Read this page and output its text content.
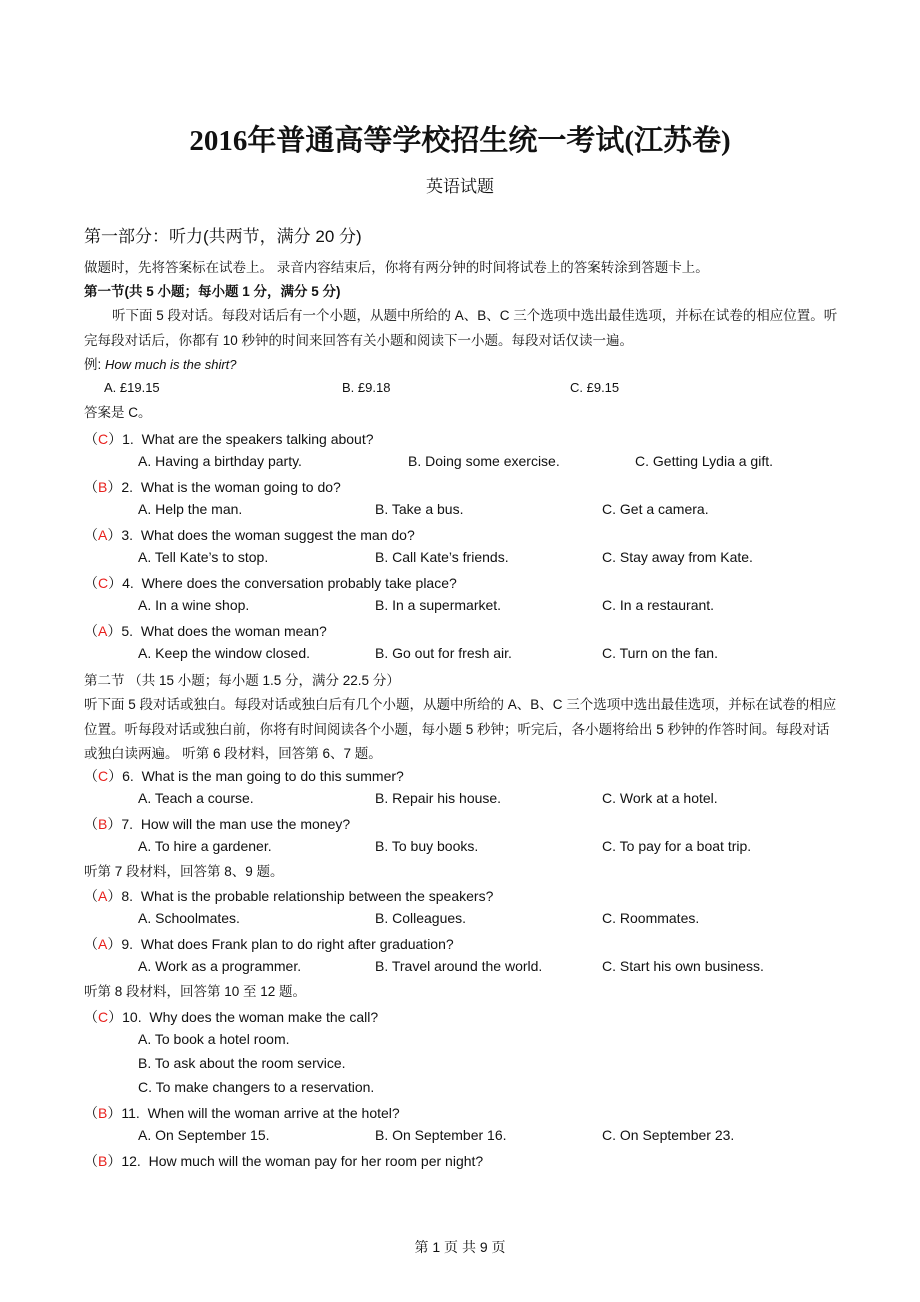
2016年普通高等学校招生统一考试(江苏卷)
英语试题
第一部分：听力(共两节，满分 20 分)
做题时，先将答案标在试卷上。 录音内容结束后，你将有两分钟的时间将试卷上的答案转涂到答题卡上。
第一节(共 5 小题；每小题 1 分，满分 5 分)
听下面 5 段对话。每段对话后有一个小题，从题中所给的 A、B、C 三个选项中选出最佳选项，并标在试卷的相应位置。听完每段对话后，你都有 10 秒钟的时间来回答有关小题和阅读下一小题。每段对话仅读一遍。
例: How much is the shirt?
A. £19.15	B. £9.18	C. £9.15
答案是 C。
（C）1. What are the speakers talking about?
A. Having a birthday party.	B. Doing some exercise.	C. Getting Lydia a gift.
（B）2. What is the woman going to do?
A. Help the man.	B. Take a bus.	C. Get a camera.
（A）3. What does the woman suggest the man do?
A. Tell Kate’s to stop.	B. Call Kate’s friends.	C. Stay away from Kate.
（C）4. Where does the conversation probably take place?
A. In a wine shop.	B. In a supermarket.	C. In a restaurant.
（A）5. What does the woman mean?
A. Keep the window closed.	B. Go out for fresh air.	C. Turn on the fan.
第二节 （共 15 小题；每小题 1.5 分，满分 22.5 分）
听下面 5 段对话或独白。每段对话或独白后有几个小题，从题中所给的 A、B、C 三个选项中选出最佳选项，并标在试卷的相应位置。听每段对话或独白前，你将有时间阅读各个小题，每小题 5 秒钟；听完后，各小题将给出 5 秒钟的作答时间。每段对话或独白读两遍。 听第 6 段材料，回答第 6、7 题。
（C）6. What is the man going to do this summer?
A. Teach a course.	B. Repair his house.	C. Work at a hotel.
（B）7. How will the man use the money?
A. To hire a gardener.	B. To buy books.	C. To pay for a boat trip.
听第 7 段材料，回答第 8、9 题。
（A）8. What is the probable relationship between the speakers?
A. Schoolmates.	B. Colleagues.	C. Roommates.
（A）9. What does Frank plan to do right after graduation?
A. Work as a programmer.	B. Travel around the world.	C. Start his own business.
听第 8 段材料，回答第 10 至 12 题。
（C）10. Why does the woman make the call?
A. To book a hotel room.
B. To ask about the room service.
C. To make changers to a reservation.
（B）11. When will the woman arrive at the hotel?
A. On September 15.	B. On September 16.	C. On September 23.
（B）12. How much will the woman pay for her room per night?
第 1 页 共 9 页
